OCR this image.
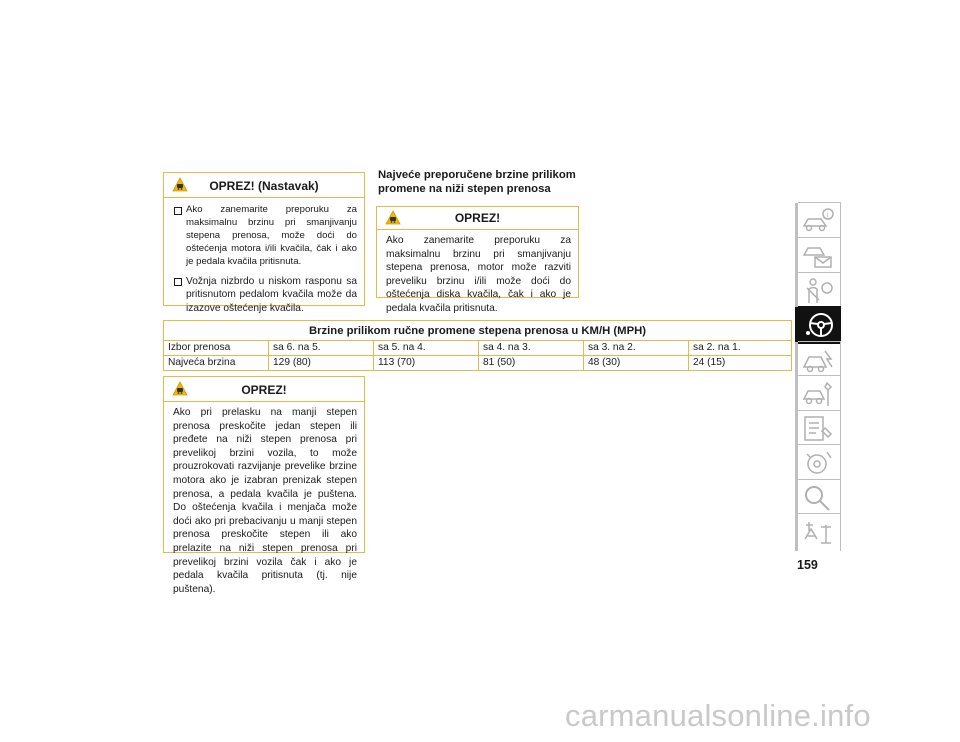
OPREZ! (Nastavak)
Ako zanemarite preporuku za maksimalnu brzinu pri smanjivanju stepena prenosa, može doći do oštećenja motora i/ili kvačila, čak i ako je pedala kvačila pritisnuta.
Vožnja nizbrdo u niskom rasponu sa pritisnutom pedalom kvačila može da izazove oštećenje kvačila.
Najveće preporučene brzine prilikom
promene na niži stepen prenosa
OPREZ!
Ako zanemarite preporuku za maksimalnu brzinu pri smanjivanju stepena prenosa, motor može razviti preveliku brzinu i/ili može doći do oštećenja diska kvačila, čak i ako je pedala kvačila pritisnuta.
Brzine prilikom ručne promene stepena prenosa u KM/H (MPH)					
Izbor prenosa	sa 6. na 5.	sa 5. na 4.	sa 4. na 3.	sa 3. na 2.	sa 2. na 1.
Najveća brzina	129 (80)	113 (70)	81 (50)	48 (30)	24 (15)
OPREZ!
Ako pri prelasku na manji stepen prenosa preskočite jedan stepen ili pređete na niži stepen prenosa pri prevelikoj brzini vozila, to može prouzrokovati razvijanje prevelike brzine motora ako je izabran prenizak stepen prenosa, a pedala kvačila je puštena. Do oštećenja kvačila i menjača može doći ako pri prebacivanju u manji stepen prenosa preskočite stepen ili ako prelazite na niži stepen prenosa pri prevelikoj brzini vozila čak i ako je pedala kvačila pritisnuta (tj. nije puštena).
i
159
carmanualsonline.info
